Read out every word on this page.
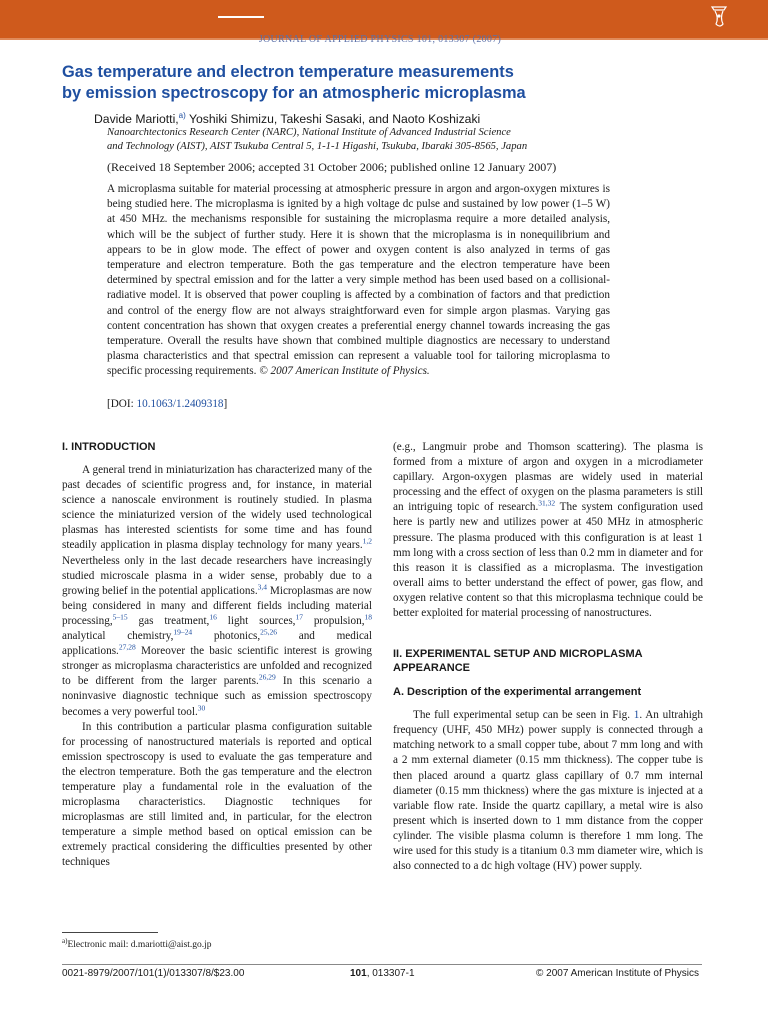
JOURNAL OF APPLIED PHYSICS 101, 013307 (2007)
Gas temperature and electron temperature measurements
by emission spectroscopy for an atmospheric microplasma
Davide Mariotti,$^{a)}$ Yoshiki Shimizu, Takeshi Sasaki, and Naoto Koshizaki
Nanoarchtectonics Research Center (NARC), National Institute of Advanced Industrial Science
and Technology (AIST), AIST Tsukuba Central 5, 1-1-1 Higashi, Tsukuba, Ibaraki 305-8565, Japan
(Received 18 September 2006; accepted 31 October 2006; published online 12 January 2007)
A microplasma suitable for material processing at atmospheric pressure in argon and argon-oxygen mixtures is being studied here. The microplasma is ignited by a high voltage dc pulse and sustained by low power (1–5 W) at 450 MHz. the mechanisms responsible for sustaining the microplasma require a more detailed analysis, which will be the subject of further study. Here it is shown that the microplasma is in nonequilibrium and appears to be in glow mode. The effect of power and oxygen content is also analyzed in terms of gas temperature and electron temperature. Both the gas temperature and the electron temperature have been determined by spectral emission and for the latter a very simple method has been used based on a collisional-radiative model. It is observed that power coupling is affected by a combination of factors and that prediction and control of the energy flow are not always straightforward even for simple argon plasmas. Varying gas content concentration has shown that oxygen creates a preferential energy channel towards increasing the gas temperature. Overall the results have shown that combined multiple diagnostics are necessary to understand plasma characteristics and that spectral emission can represent a valuable tool for tailoring microplasma to specific processing requirements. © 2007 American Institute of Physics.
[DOI: 10.1063/1.2409318]
I. INTRODUCTION

A general trend in miniaturization has characterized many of the past decades of scientific progress and, for instance, in material science a nanoscale environment is routinely studied. In plasma science the miniaturized version of the widely used technological plasmas has interested scientists for some time and has found steadily application in plasma display technology for many years.$^{1,2}$ Nevertheless only in the last decade researchers have increasingly studied microscale plasma in a wider sense, probably due to a growing belief in the potential applications.$^{3,4}$ Microplasmas are now being considered in many and different fields including material processing,$^{5-15}$ gas treatment,$^{16}$ light sources,$^{17}$ propulsion,$^{18}$ analytical chemistry,$^{19-24}$ photonics,$^{25,26}$ and medical applications.$^{27,28}$ Moreover the basic scientific interest is growing stronger as microplasma characteristics are unfolded and recognized to be different from the larger parents.$^{26,29}$ In this scenario a noninvasive diagnostic technique such as emission spectroscopy becomes a very powerful tool.$^{30}$

In this contribution a particular plasma configuration suitable for processing of nanostructured materials is reported and optical emission spectroscopy is used to evaluate the gas temperature and the electron temperature. Both the gas temperature and the electron temperature play a fundamental role in the evaluation of the microplasma characteristics. Diagnostic techniques for microplasmas are still limited and, in particular, for the electron temperature a simple method based on optical emission can be extremely practical considering the difficulties presented by other techniques

(e.g., Langmuir probe and Thomson scattering). The plasma is formed from a mixture of argon and oxygen in a microdiameter capillary. Argon-oxygen plasmas are widely used in material processing and the effect of oxygen on the plasma parameters is still an intriguing topic of research.$^{31,32}$ The system configuration used here is partly new and utilizes power at 450 MHz in atmospheric pressure. The plasma produced with this configuration is at least 1 mm long with a cross section of less than 0.2 mm in diameter and for this reason it is classified as a microplasma. The investigation overall aims to better understand the effect of power, gas flow, and oxygen relative content so that this microplasma technique could be better exploited for material processing of nanostructures.

II. EXPERIMENTAL SETUP AND MICROPLASMA APPEARANCE
A. Description of the experimental arrangement

The full experimental setup can be seen in Fig. 1. An ultrahigh frequency (UHF, 450 MHz) power supply is connected through a matching network to a small copper tube, about 7 mm long and with a 2 mm external diameter (0.15 mm thickness). The copper tube is then placed around a quartz glass capillary of 0.7 mm internal diameter (0.15 mm thickness) where the gas mixture is injected at a variable flow rate. Inside the quartz capillary, a metal wire is also present which is inserted down to 1 mm distance from the copper cylinder. The visible plasma column is therefore 1 mm long. The wire used for this study is a titanium 0.3 mm diameter wire, which is also connected to a dc high voltage (HV) power supply.

$^{a)}$Electronic mail: d.mariotti@aist.go.jp
0021-8979/2007/101(1)/013307/8/$23.00	101, 013307-1	© 2007 American Institute of Physics
